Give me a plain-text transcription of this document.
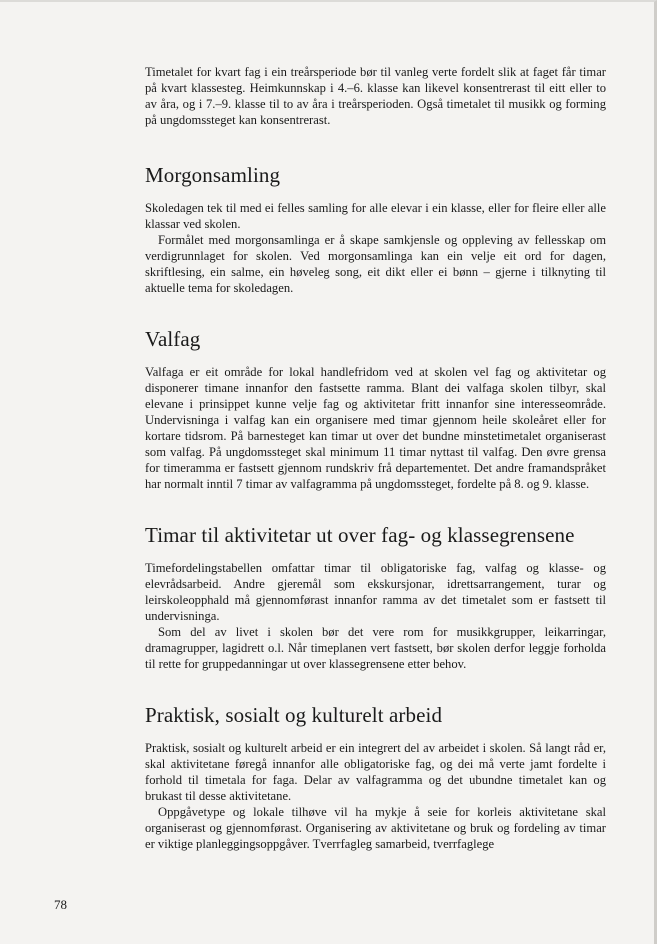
Timetalet for kvart fag i ein treårsperiode bør til vanleg verte fordelt slik at faget får timar på kvart klassesteg. Heimkunnskap i 4.–6. klasse kan likevel konsentrerast til eitt eller to av åra, og i 7.–9. klasse til to av åra i treårsperioden. Også timetalet til musikk og forming på ungdomssteget kan konsentrerast.

Morgonsamling

Skoledagen tek til med ei felles samling for alle elevar i ein klasse, eller for fleire eller alle klassar ved skolen.

Formålet med morgonsamlinga er å skape samkjensle og oppleving av fellesskap om verdigrunnlaget for skolen. Ved morgonsamlinga kan ein velje eit ord for dagen, skriftlesing, ein salme, ein høveleg song, eit dikt eller ei bønn – gjerne i tilknyting til aktuelle tema for skoledagen.

Valfag

Valfaga er eit område for lokal handlefridom ved at skolen vel fag og aktivitetar og disponerer timane innanfor den fastsette ramma. Blant dei valfaga skolen tilbyr, skal elevane i prinsippet kunne velje fag og aktivitetar fritt innanfor sine interesseområde. Undervisninga i valfag kan ein organisere med timar gjennom heile skoleåret eller for kortare tidsrom. På barnesteget kan timar ut over det bundne minstetimetalet organiserast som valfag. På ungdomssteget skal minimum 11 timar nyttast til valfag. Den øvre grensa for timeramma er fastsett gjennom rundskriv frå departementet. Det andre framandspråket har normalt inntil 7 timar av valfagramma på ungdomssteget, fordelte på 8. og 9. klasse.

Timar til aktivitetar ut over fag- og klassegrensene

Timefordelingstabellen omfattar timar til obligatoriske fag, valfag og klasse- og elevrådsarbeid. Andre gjeremål som ekskursjonar, idrettsarrangement, turar og leirskoleopphald må gjennomførast innanfor ramma av det timetalet som er fastsett til undervisninga.

Som del av livet i skolen bør det vere rom for musikkgrupper, leikarringar, dramagrupper, lagidrett o.l. Når timeplanen vert fastsett, bør skolen derfor leggje forholda til rette for gruppedanningar ut over klassegrensene etter behov.

Praktisk, sosialt og kulturelt arbeid

Praktisk, sosialt og kulturelt arbeid er ein integrert del av arbeidet i skolen. Så langt råd er, skal aktivitetane føregå innanfor alle obligatoriske fag, og dei må verte jamt fordelte i forhold til timetala for faga. Delar av valfagramma og det ubundne timetalet kan og brukast til desse aktivitetane.

Oppgåvetype og lokale tilhøve vil ha mykje å seie for korleis aktivitetane skal organiserast og gjennomførast. Organisering av aktivitetane og bruk og fordeling av timar er viktige planleggingsoppgåver. Tverrfagleg samarbeid, tverrfaglege

78
